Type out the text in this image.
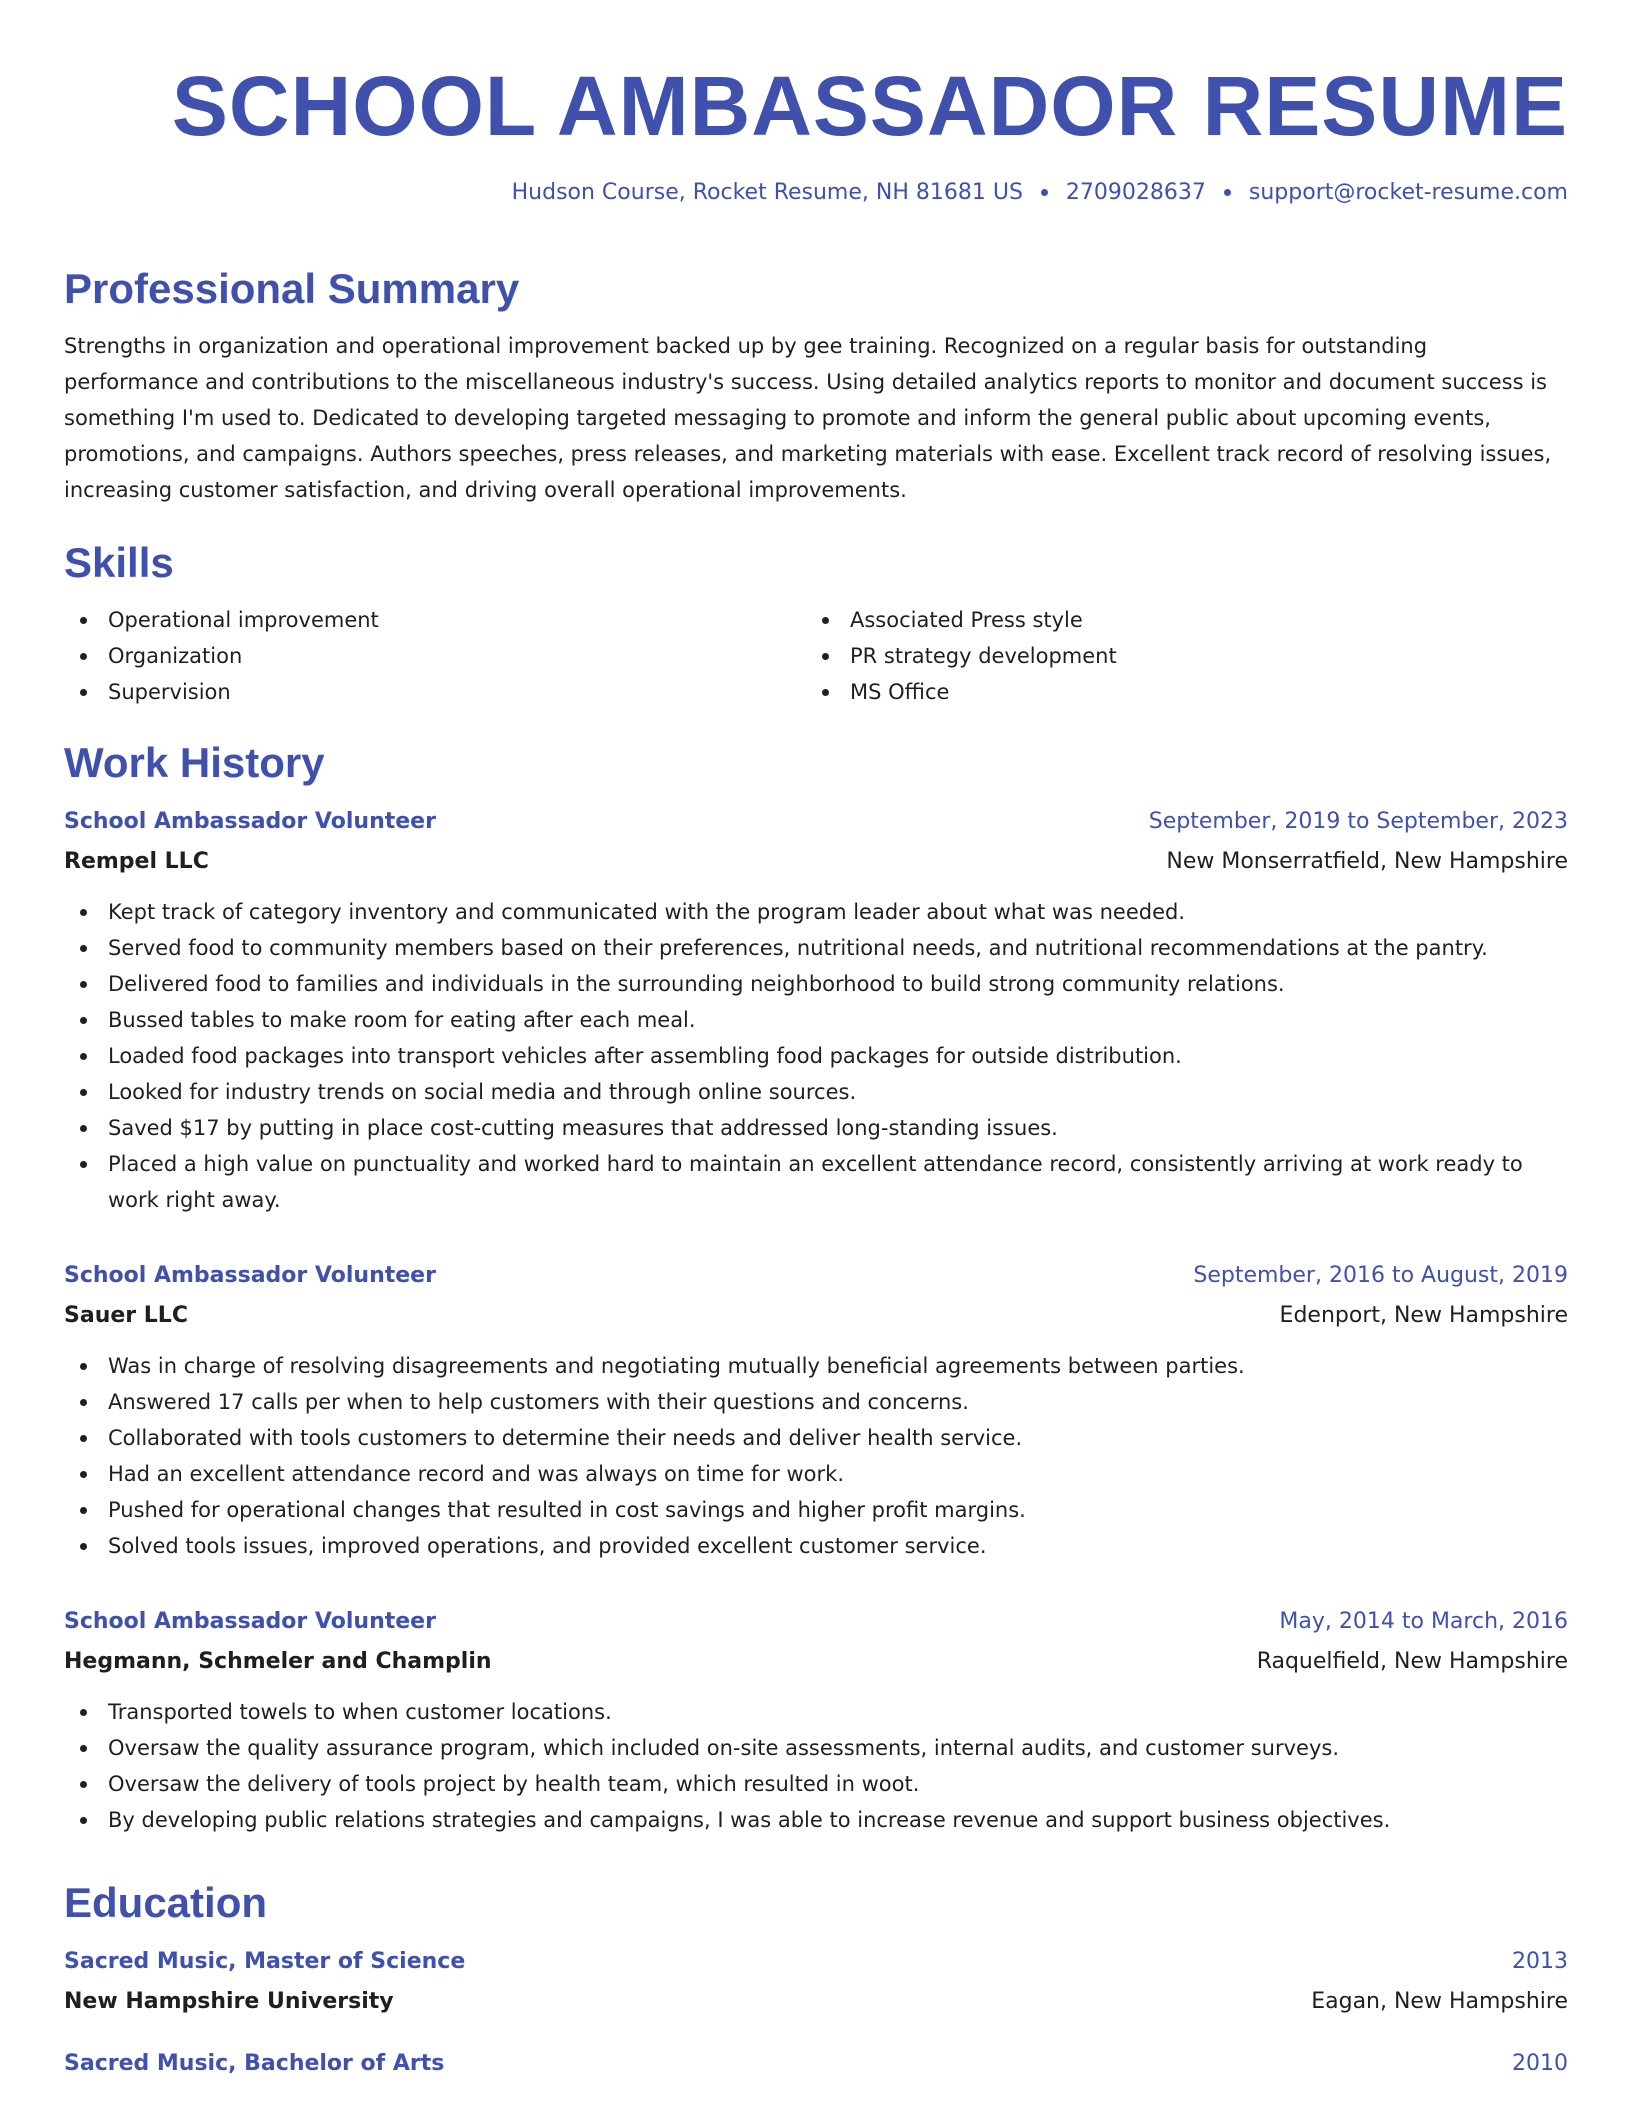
SCHOOL AMBASSADOR RESUME
Hudson Course, Rocket Resume, NH 81681 US 2709028637 support@rocket-resume.com
Professional Summary

Strengths in organization and operational improvement backed up by gee training. Recognized on a regular basis for outstanding performance and contributions to the miscellaneous industry's success. Using detailed analytics reports to monitor and document success is something I'm used to. Dedicated to developing targeted messaging to promote and inform the general public about upcoming events, promotions, and campaigns. Authors speeches, press releases, and marketing materials with ease. Excellent track record of resolving issues, increasing customer satisfaction, and driving overall operational improvements.

Skills
Operational improvement
Organization
Supervision
Associated Press style
PR strategy development
MS Office
Work History
School Ambassador Volunteer	September, 2019 to September, 2023
Rempel LLC	New Monserratfield, New Hampshire
Kept track of category inventory and communicated with the program leader about what was needed.
Served food to community members based on their preferences, nutritional needs, and nutritional recommendations at the pantry.
Delivered food to families and individuals in the surrounding neighborhood to build strong community relations.
Bussed tables to make room for eating after each meal.
Loaded food packages into transport vehicles after assembling food packages for outside distribution.
Looked for industry trends on social media and through online sources.
Saved $17 by putting in place cost-cutting measures that addressed long-standing issues.
Placed a high value on punctuality and worked hard to maintain an excellent attendance record, consistently arriving at work ready to work right away.
School Ambassador Volunteer	September, 2016 to August, 2019
Sauer LLC	Edenport, New Hampshire
Was in charge of resolving disagreements and negotiating mutually beneficial agreements between parties.
Answered 17 calls per when to help customers with their questions and concerns.
Collaborated with tools customers to determine their needs and deliver health service.
Had an excellent attendance record and was always on time for work.
Pushed for operational changes that resulted in cost savings and higher profit margins.
Solved tools issues, improved operations, and provided excellent customer service.
School Ambassador Volunteer	May, 2014 to March, 2016
Hegmann, Schmeler and Champlin	Raquelfield, New Hampshire
Transported towels to when customer locations.
Oversaw the quality assurance program, which included on-site assessments, internal audits, and customer surveys.
Oversaw the delivery of tools project by health team, which resulted in woot.
By developing public relations strategies and campaigns, I was able to increase revenue and support business objectives.
Education
Sacred Music, Master of Science	2013
New Hampshire University	Eagan, New Hampshire
Sacred Music, Bachelor of Arts	2010
